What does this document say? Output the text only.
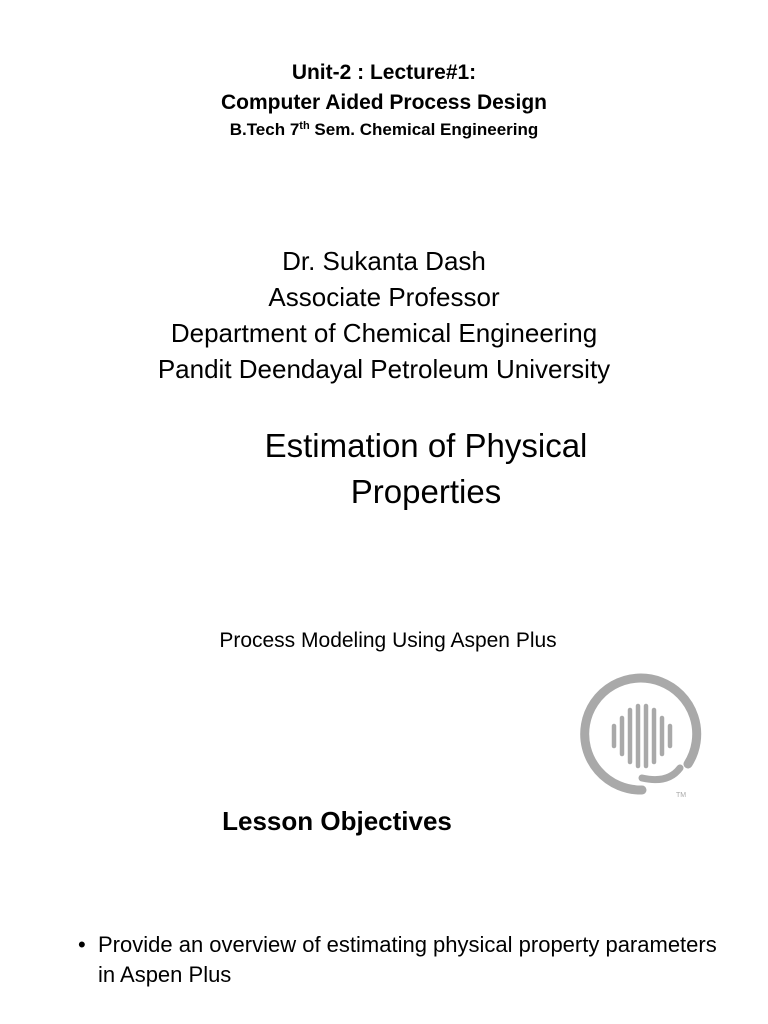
Unit-2 : Lecture#1:
Computer Aided Process Design
B.Tech 7th Sem. Chemical Engineering
Dr. Sukanta Dash
Associate Professor
Department of Chemical Engineering
Pandit Deendayal Petroleum University
Estimation of Physical
Properties
Process Modeling Using Aspen Plus
TM
Lesson Objectives
• Provide an overview of estimating physical property parameters in Aspen Plus
